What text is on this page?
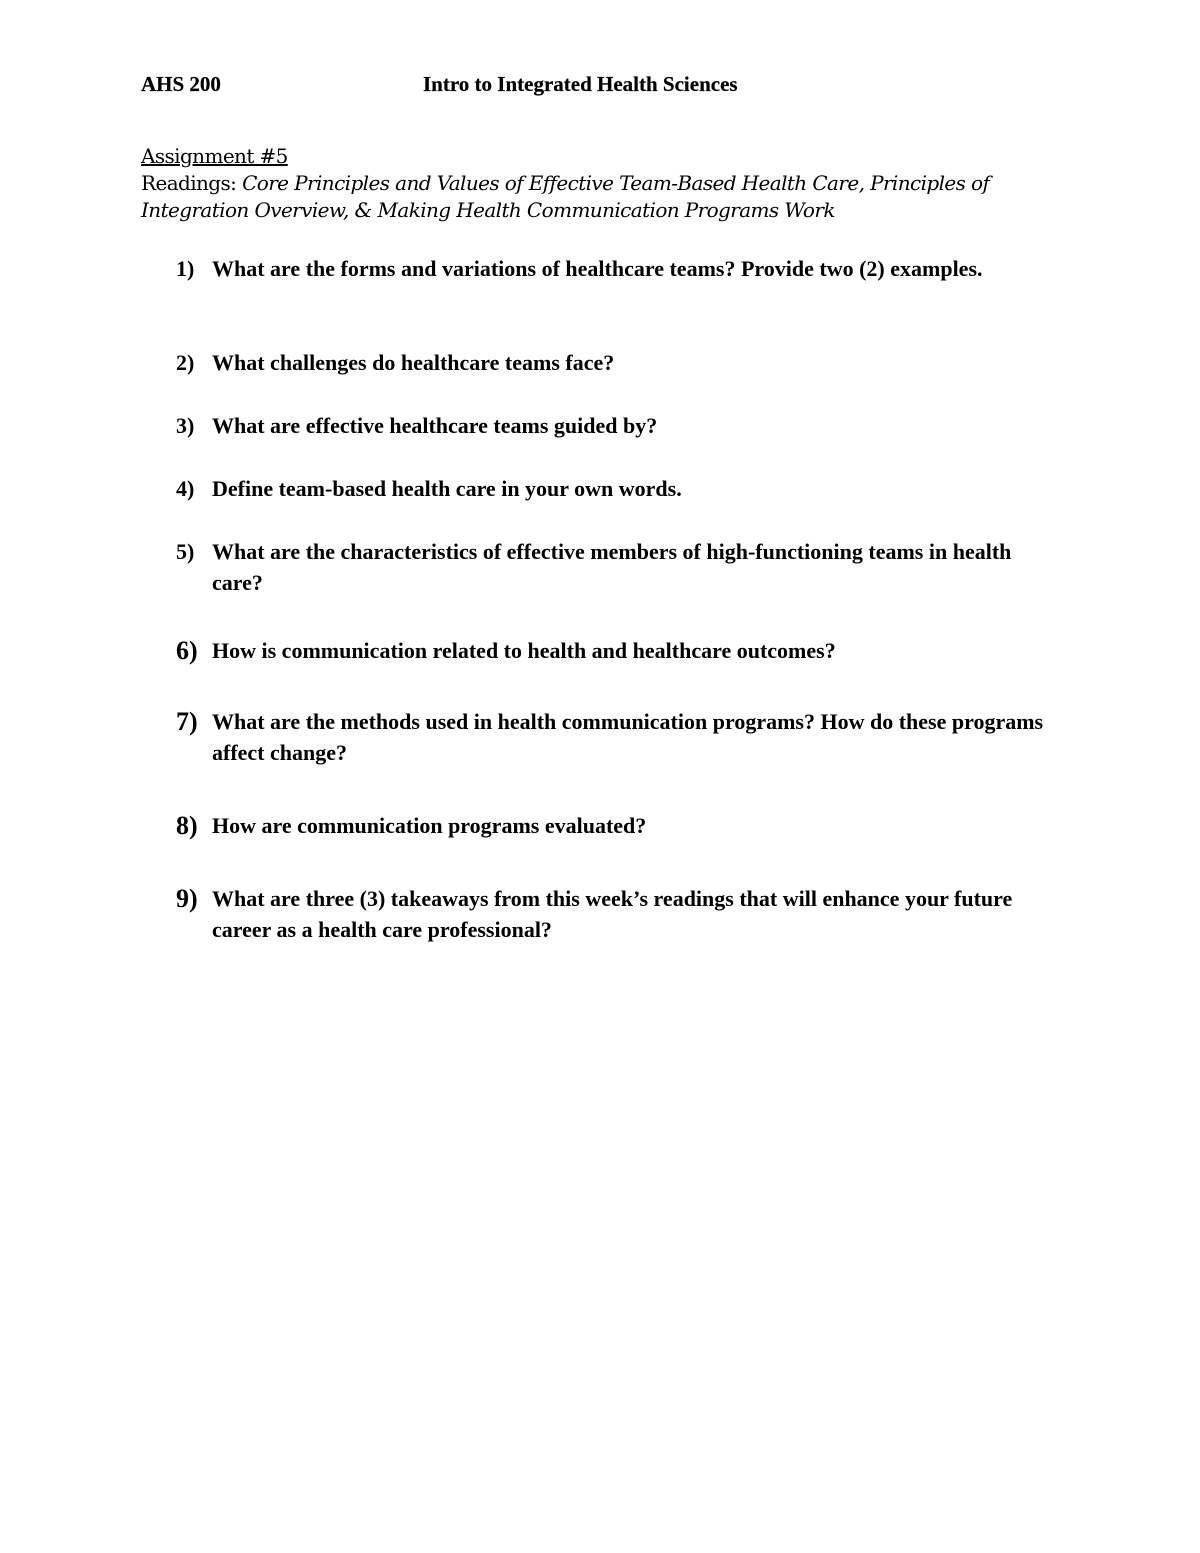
AHS 200	Intro to Integrated Health Sciences
Assignment #5
Readings: Core Principles and Values of Effective Team-Based Health Care, Principles of Integration Overview, & Making Health Communication Programs Work
1) What are the forms and variations of healthcare teams? Provide two (2) examples.
2) What challenges do healthcare teams face?
3) What are effective healthcare teams guided by?
4) Define team-based health care in your own words.
5) What are the characteristics of effective members of high-functioning teams in health care?
6) How is communication related to health and healthcare outcomes?
7) What are the methods used in health communication programs? How do these programs affect change?
8) How are communication programs evaluated?
9) What are three (3) takeaways from this week’s readings that will enhance your future career as a health care professional?
